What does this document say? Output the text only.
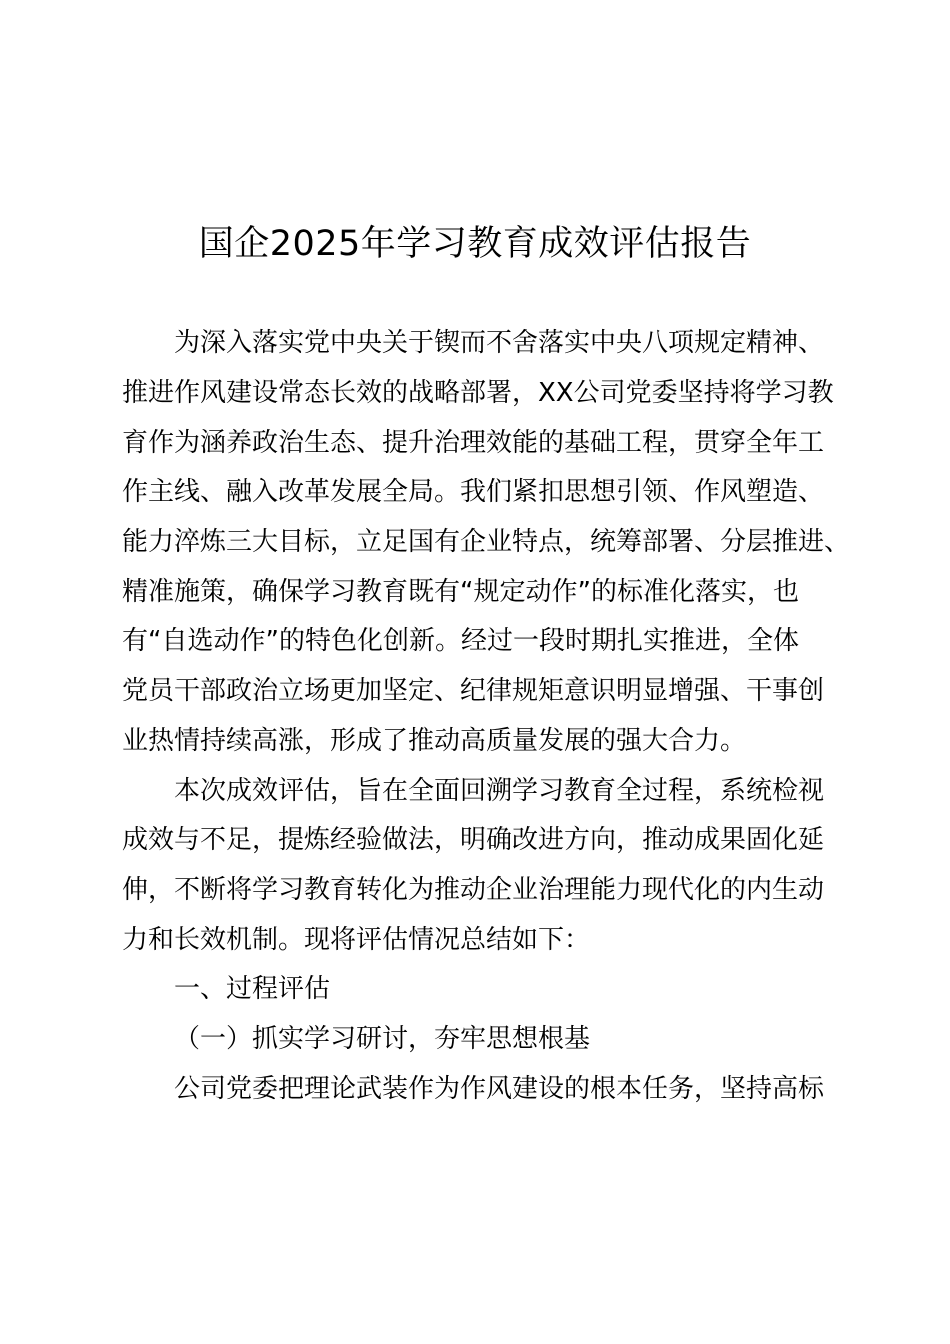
国企2025年学习教育成效评估报告
为深入落实党中央关于锲而不舍落实中央八项规定精神、
推进作风建设常态长效的战略部署，XX公司党委坚持将学习教
育作为涵养政治生态、提升治理效能的基础工程，贯穿全年工
作主线、融入改革发展全局。我们紧扣思想引领、作风塑造、
能力淬炼三大目标，立足国有企业特点，统筹部署、分层推进、
精准施策，确保学习教育既有“规定动作”的标准化落实，也
有“自选动作”的特色化创新。经过一段时期扎实推进，全体
党员干部政治立场更加坚定、纪律规矩意识明显增强、干事创
业热情持续高涨，形成了推动高质量发展的强大合力。
本次成效评估，旨在全面回溯学习教育全过程，系统检视
成效与不足，提炼经验做法，明确改进方向，推动成果固化延
伸，不断将学习教育转化为推动企业治理能力现代化的内生动
力和长效机制。现将评估情况总结如下：
一、过程评估
（一）抓实学习研讨，夯牢思想根基
公司党委把理论武装作为作风建设的根本任务，坚持高标
